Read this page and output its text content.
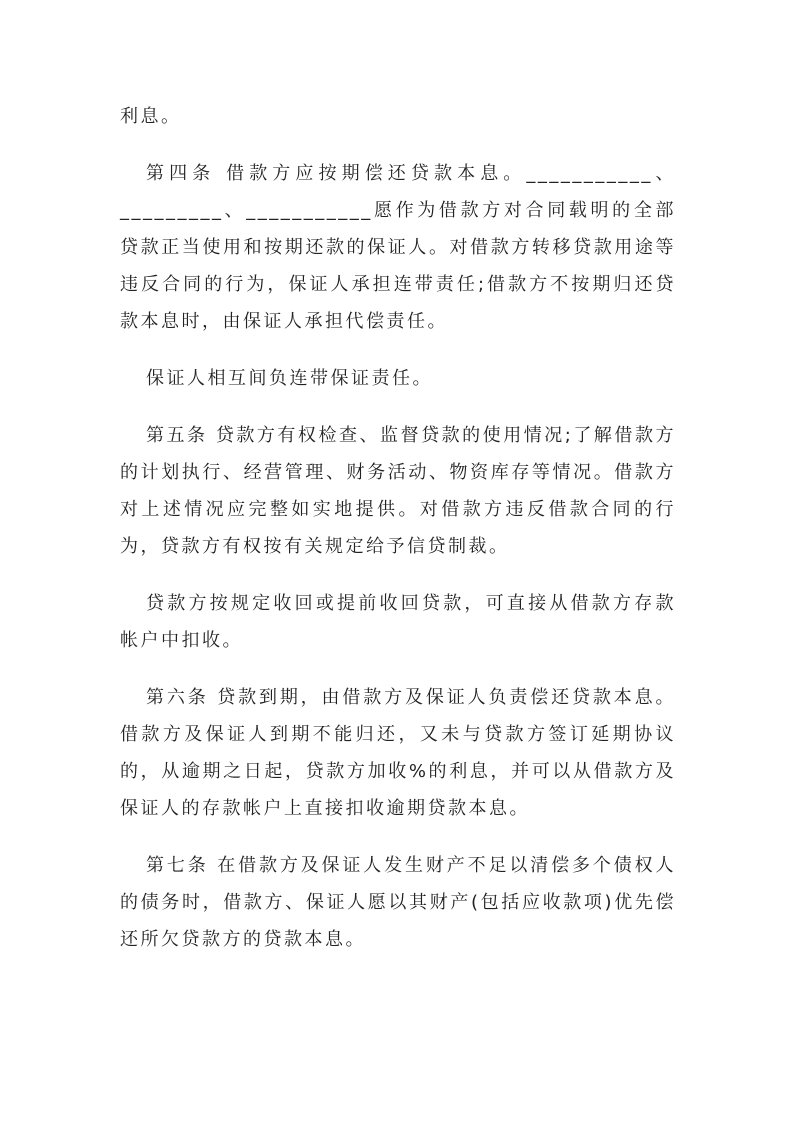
利息。

第四条 借款方应按期偿还贷款本息。___________、_________、___________愿作为借款方对合同载明的全部贷款正当使用和按期还款的保证人。对借款方转移贷款用途等违反合同的行为，保证人承担连带责任;借款方不按期归还贷款本息时，由保证人承担代偿责任。

保证人相互间负连带保证责任。

第五条 贷款方有权检查、监督贷款的使用情况;了解借款方的计划执行、经营管理、财务活动、物资库存等情况。借款方对上述情况应完整如实地提供。对借款方违反借款合同的行为，贷款方有权按有关规定给予信贷制裁。

贷款方按规定收回或提前收回贷款，可直接从借款方存款帐户中扣收。

第六条 贷款到期，由借款方及保证人负责偿还贷款本息。借款方及保证人到期不能归还，又未与贷款方签订延期协议的，从逾期之日起，贷款方加收%的利息，并可以从借款方及保证人的存款帐户上直接扣收逾期贷款本息。

第七条 在借款方及保证人发生财产不足以清偿多个债权人的债务时，借款方、保证人愿以其财产(包括应收款项)优先偿还所欠贷款方的贷款本息。
